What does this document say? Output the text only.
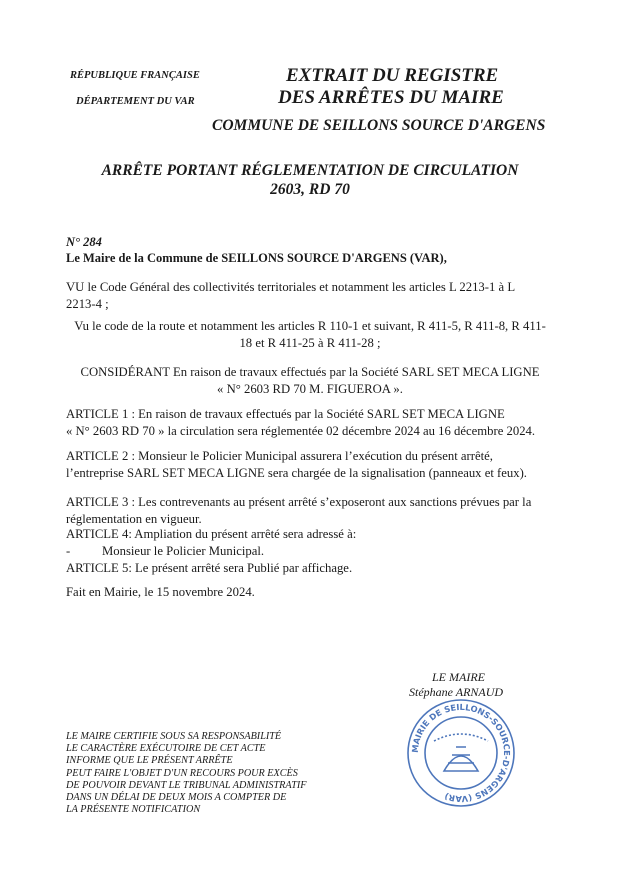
RÉPUBLIQUE FRANÇAISE
DÉPARTEMENT DU VAR
EXTRAIT DU REGISTRE
DES ARRÊTES DU MAIRE
COMMUNE DE SEILLONS SOURCE D'ARGENS
ARRÊTE PORTANT RÉGLEMENTATION DE CIRCULATION
2603, RD 70
N° 284
Le Maire de la Commune de SEILLONS SOURCE D'ARGENS (VAR),
VU le Code Général des collectivités territoriales et notamment les articles L 2213-1 à L
2213-4 ;
Vu le code de la route et notamment les articles R 110-1 et suivant, R 411-5, R 411-8, R 411-
18 et R 411-25 à R 411-28 ;
CONSIDÉRANT En raison de travaux effectués par la Société SARL SET MECA LIGNE
« N° 2603 RD 70 M. FIGUEROA ».
ARTICLE 1 : En raison de travaux effectués par la Société SARL SET MECA LIGNE
« N° 2603 RD 70 » la circulation sera réglementée 02 décembre 2024 au 16 décembre 2024.
ARTICLE 2 : Monsieur le Policier Municipal assurera l’exécution du présent arrêté,
l’entreprise SARL SET MECA LIGNE sera chargée de la signalisation (panneaux et feux).
ARTICLE 3 : Les contrevenants au présent arrêté s’exposeront aux sanctions prévues par la
réglementation en vigueur.
ARTICLE 4: Ampliation du présent arrêté sera adressé à:
-	Monsieur le Policier Municipal.
ARTICLE 5: Le présent arrêté sera Publié par affichage.
Fait en Mairie, le 15 novembre 2024.
LE MAIRE
Stéphane ARNAUD
MAIRIE DE SEILLONS-SOURCE-D'ARGENS (VAR)
LE MAIRE CERTIFIE SOUS SA RESPONSABILITÉ
LE CARACTÈRE EXÉCUTOIRE DE CET ACTE
INFORME QUE LE PRÉSENT ARRÊTE
PEUT FAIRE L'OBJET D'UN RECOURS POUR EXCÈS
DE POUVOIR DEVANT LE TRIBUNAL ADMINISTRATIF
DANS UN DÉLAI DE DEUX MOIS A COMPTER DE
LA PRÉSENTE NOTIFICATION
